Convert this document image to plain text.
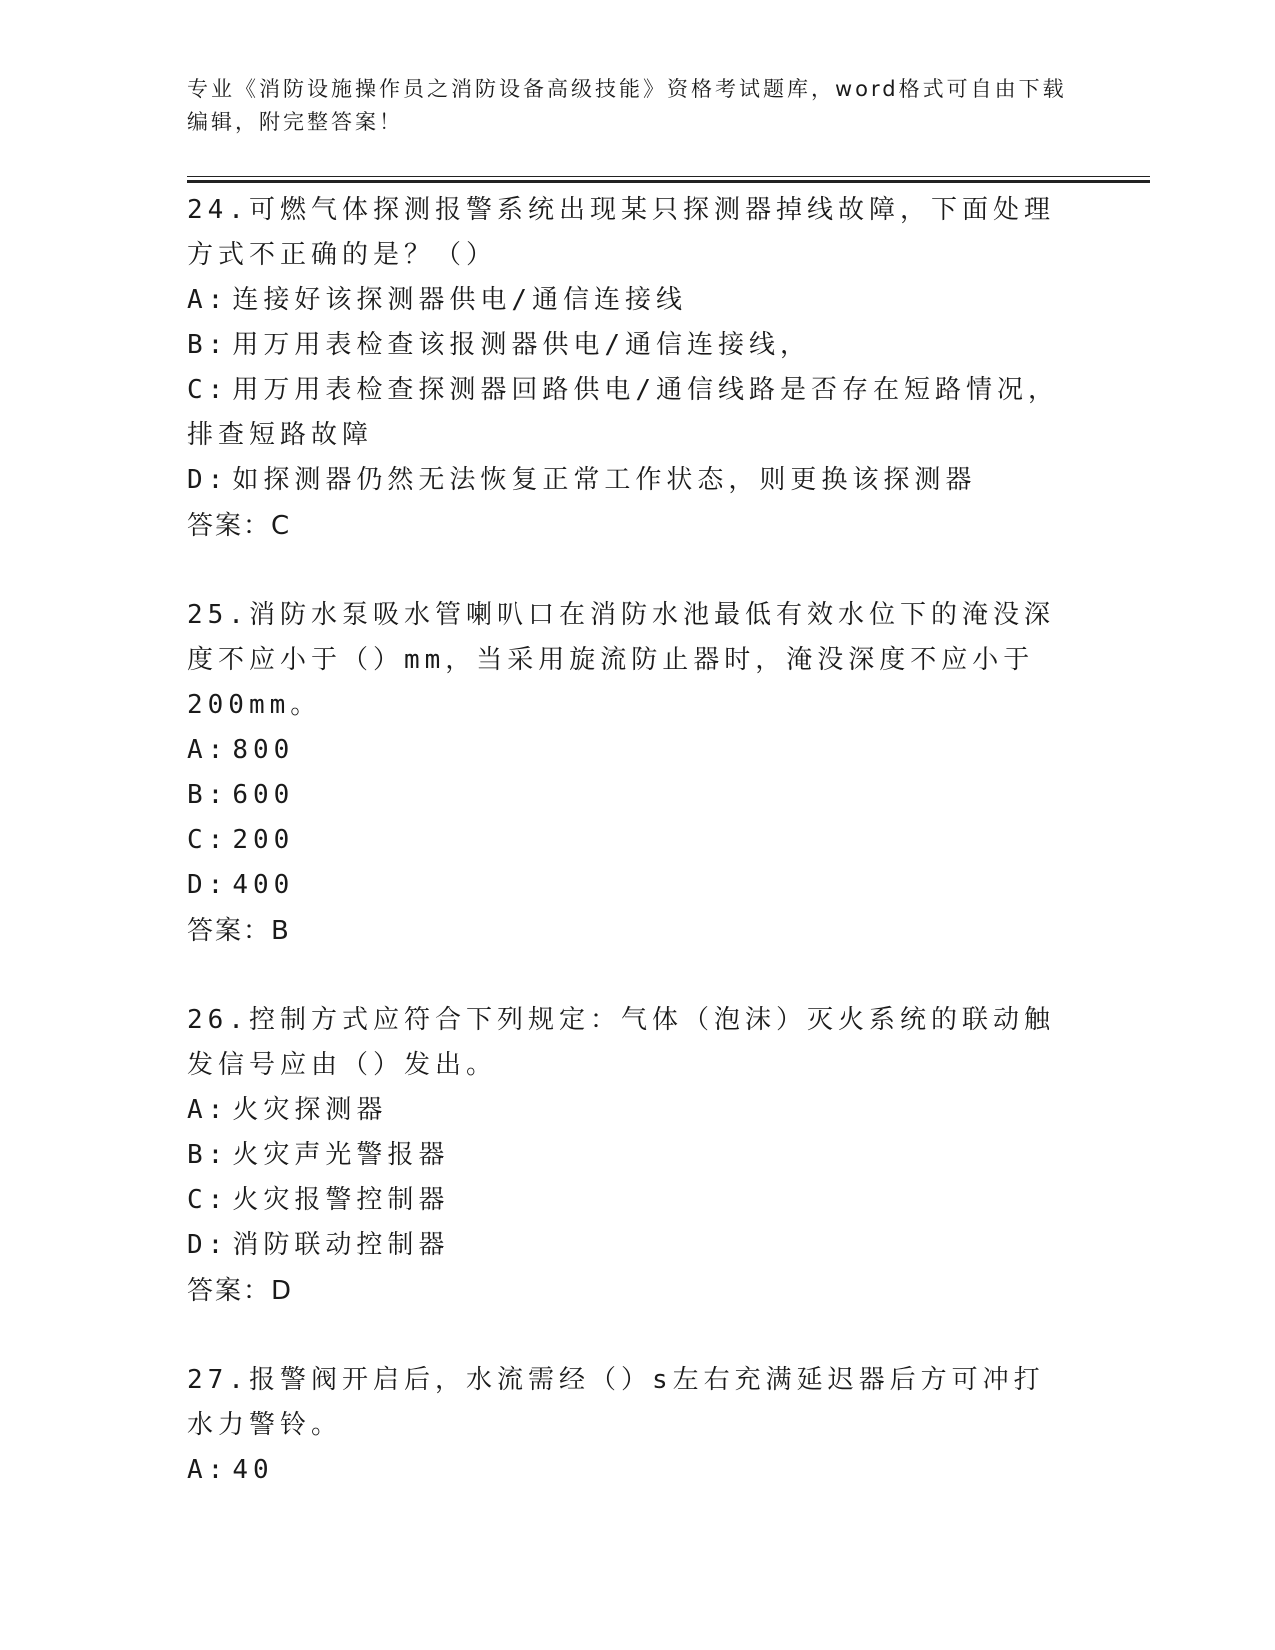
专业《消防设施操作员之消防设备高级技能》资格考试题库，word格式可自由下载编辑，附完整答案！
24.可燃气体探测报警系统出现某只探测器掉线故障，下面处理方式不正确的是？（）
A: 连接好该探测器供电/通信连接线
B: 用万用表检查该报测器供电/通信连接线，
C: 用万用表检查探测器回路供电/通信线路是否存在短路情况，排查短路故障
D: 如探测器仍然无法恢复正常工作状态，则更换该探测器
答案：C
25.消防水泵吸水管喇叭口在消防水池最低有效水位下的淹没深度不应小于（）mm，当采用旋流防止器时，淹没深度不应小于200mm。
A: 800
B: 600
C: 200
D: 400
答案：B
26.控制方式应符合下列规定：气体（泡沫）灭火系统的联动触发信号应由（）发出。
A: 火灾探测器
B: 火灾声光警报器
C: 火灾报警控制器
D: 消防联动控制器
答案：D
27.报警阀开启后，水流需经（）s左右充满延迟器后方可冲打水力警铃。
A: 40
